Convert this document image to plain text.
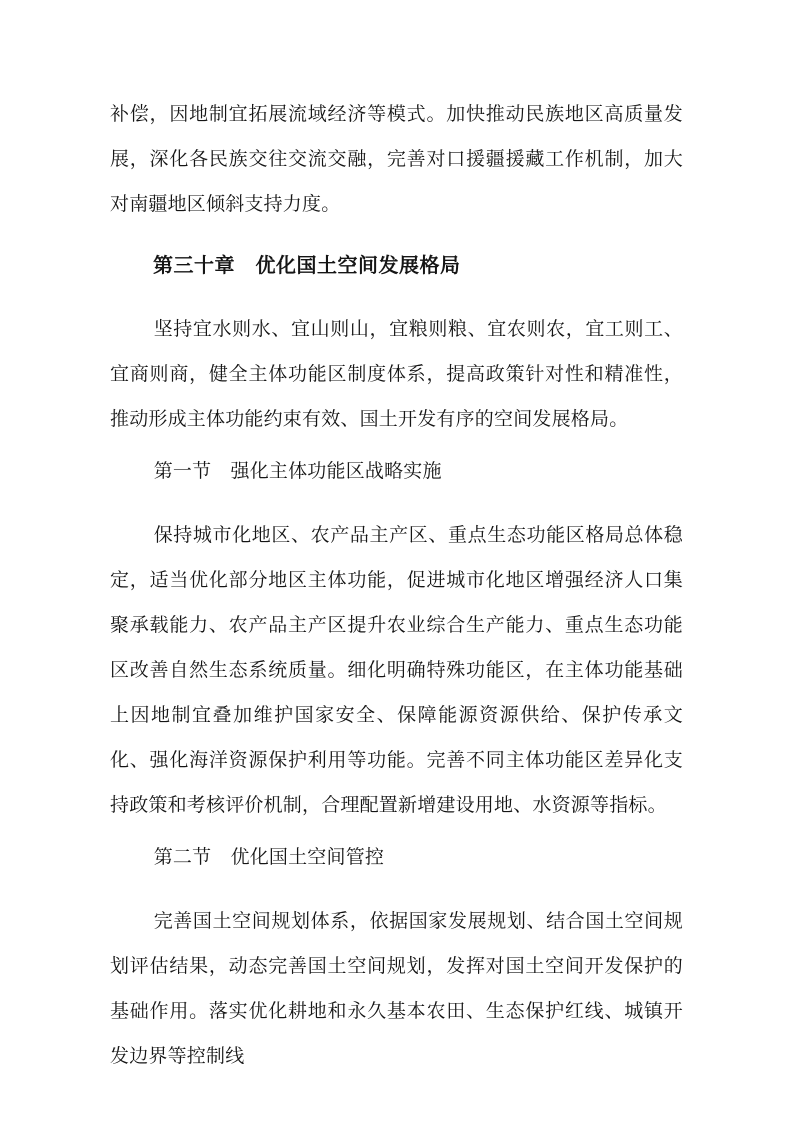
补偿，因地制宜拓展流域经济等模式。加快推动民族地区高质量发展，深化各民族交往交流交融，完善对口援疆援藏工作机制，加大对南疆地区倾斜支持力度。

第三十章　优化国土空间发展格局

坚持宜水则水、宜山则山，宜粮则粮、宜农则农，宜工则工、宜商则商，健全主体功能区制度体系，提高政策针对性和精准性，推动形成主体功能约束有效、国土开发有序的空间发展格局。

第一节　强化主体功能区战略实施

保持城市化地区、农产品主产区、重点生态功能区格局总体稳定，适当优化部分地区主体功能，促进城市化地区增强经济人口集聚承载能力、农产品主产区提升农业综合生产能力、重点生态功能区改善自然生态系统质量。细化明确特殊功能区，在主体功能基础上因地制宜叠加维护国家安全、保障能源资源供给、保护传承文化、强化海洋资源保护利用等功能。完善不同主体功能区差异化支持政策和考核评价机制，合理配置新增建设用地、水资源等指标。

第二节　优化国土空间管控

完善国土空间规划体系，依据国家发展规划、结合国土空间规划评估结果，动态完善国土空间规划，发挥对国土空间开发保护的基础作用。落实优化耕地和永久基本农田、生态保护红线、城镇开发边界等控制线
